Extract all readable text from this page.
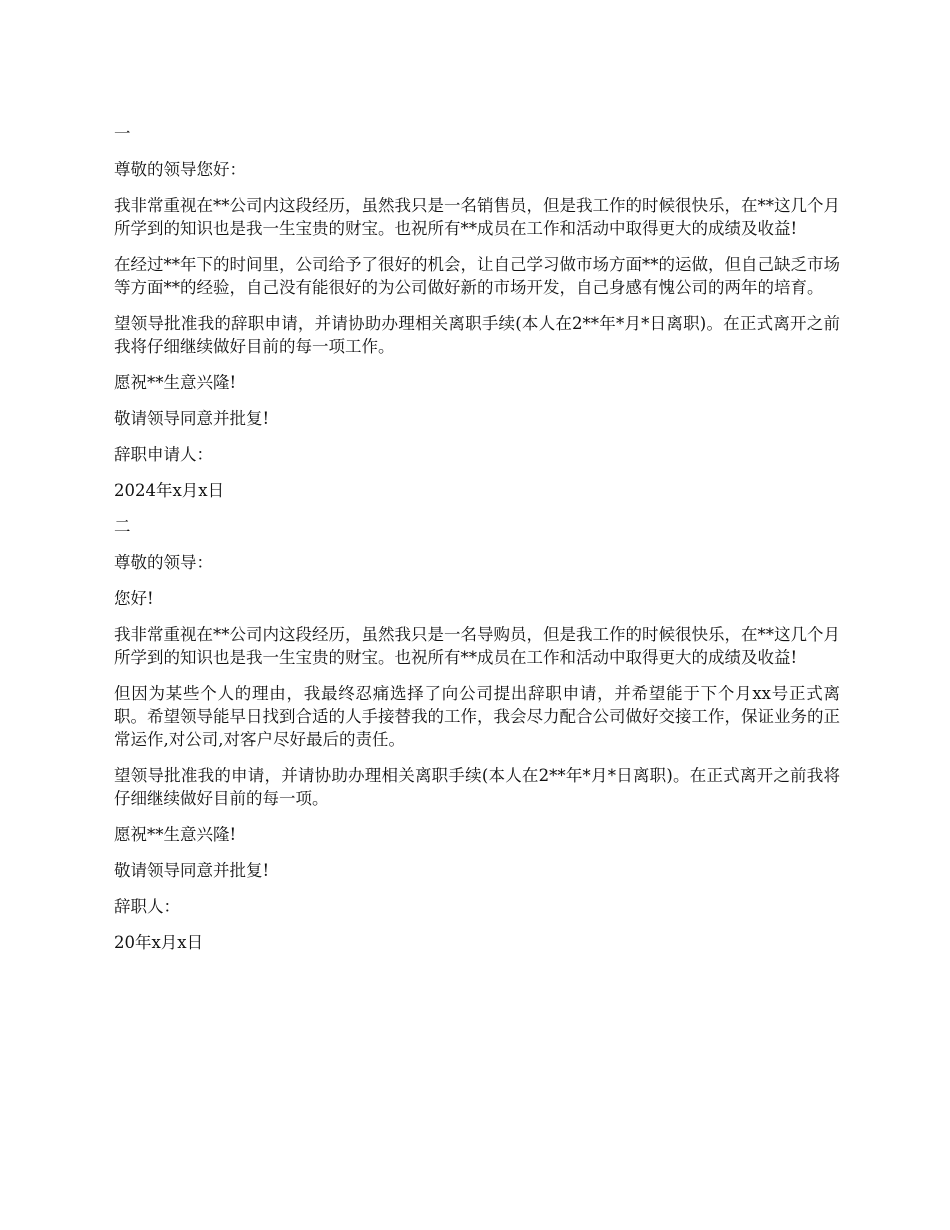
一

尊敬的领导您好：

我非常重视在**公司内这段经历，虽然我只是一名销售员，但是我工作的时候很快乐，在**这几个月所学到的知识也是我一生宝贵的财宝。也祝所有**成员在工作和活动中取得更大的成绩及收益!

在经过**年下的时间里，公司给予了很好的机会，让自己学习做市场方面**的运做，但自己缺乏市场等方面**的经验，自己没有能很好的为公司做好新的市场开发，自己身感有愧公司的两年的培育。

望领导批准我的辞职申请，并请协助办理相关离职手续(本人在2**年*月*日离职)。在正式离开之前我将仔细继续做好目前的每一项工作。

愿祝**生意兴隆!

敬请领导同意并批复!

辞职申请人：

2024年x月x日

二

尊敬的领导：

您好!

我非常重视在**公司内这段经历，虽然我只是一名导购员，但是我工作的时候很快乐，在**这几个月所学到的知识也是我一生宝贵的财宝。也祝所有**成员在工作和活动中取得更大的成绩及收益!

但因为某些个人的理由，我最终忍痛选择了向公司提出辞职申请，并希望能于下个月xx号正式离职。希望领导能早日找到合适的人手接替我的工作，我会尽力配合公司做好交接工作，保证业务的正常运作,对公司,对客户尽好最后的责任。

望领导批准我的申请，并请协助办理相关离职手续(本人在2**年*月*日离职)。在正式离开之前我将仔细继续做好目前的每一项。

愿祝**生意兴隆!

敬请领导同意并批复!

辞职人：

20年x月x日
